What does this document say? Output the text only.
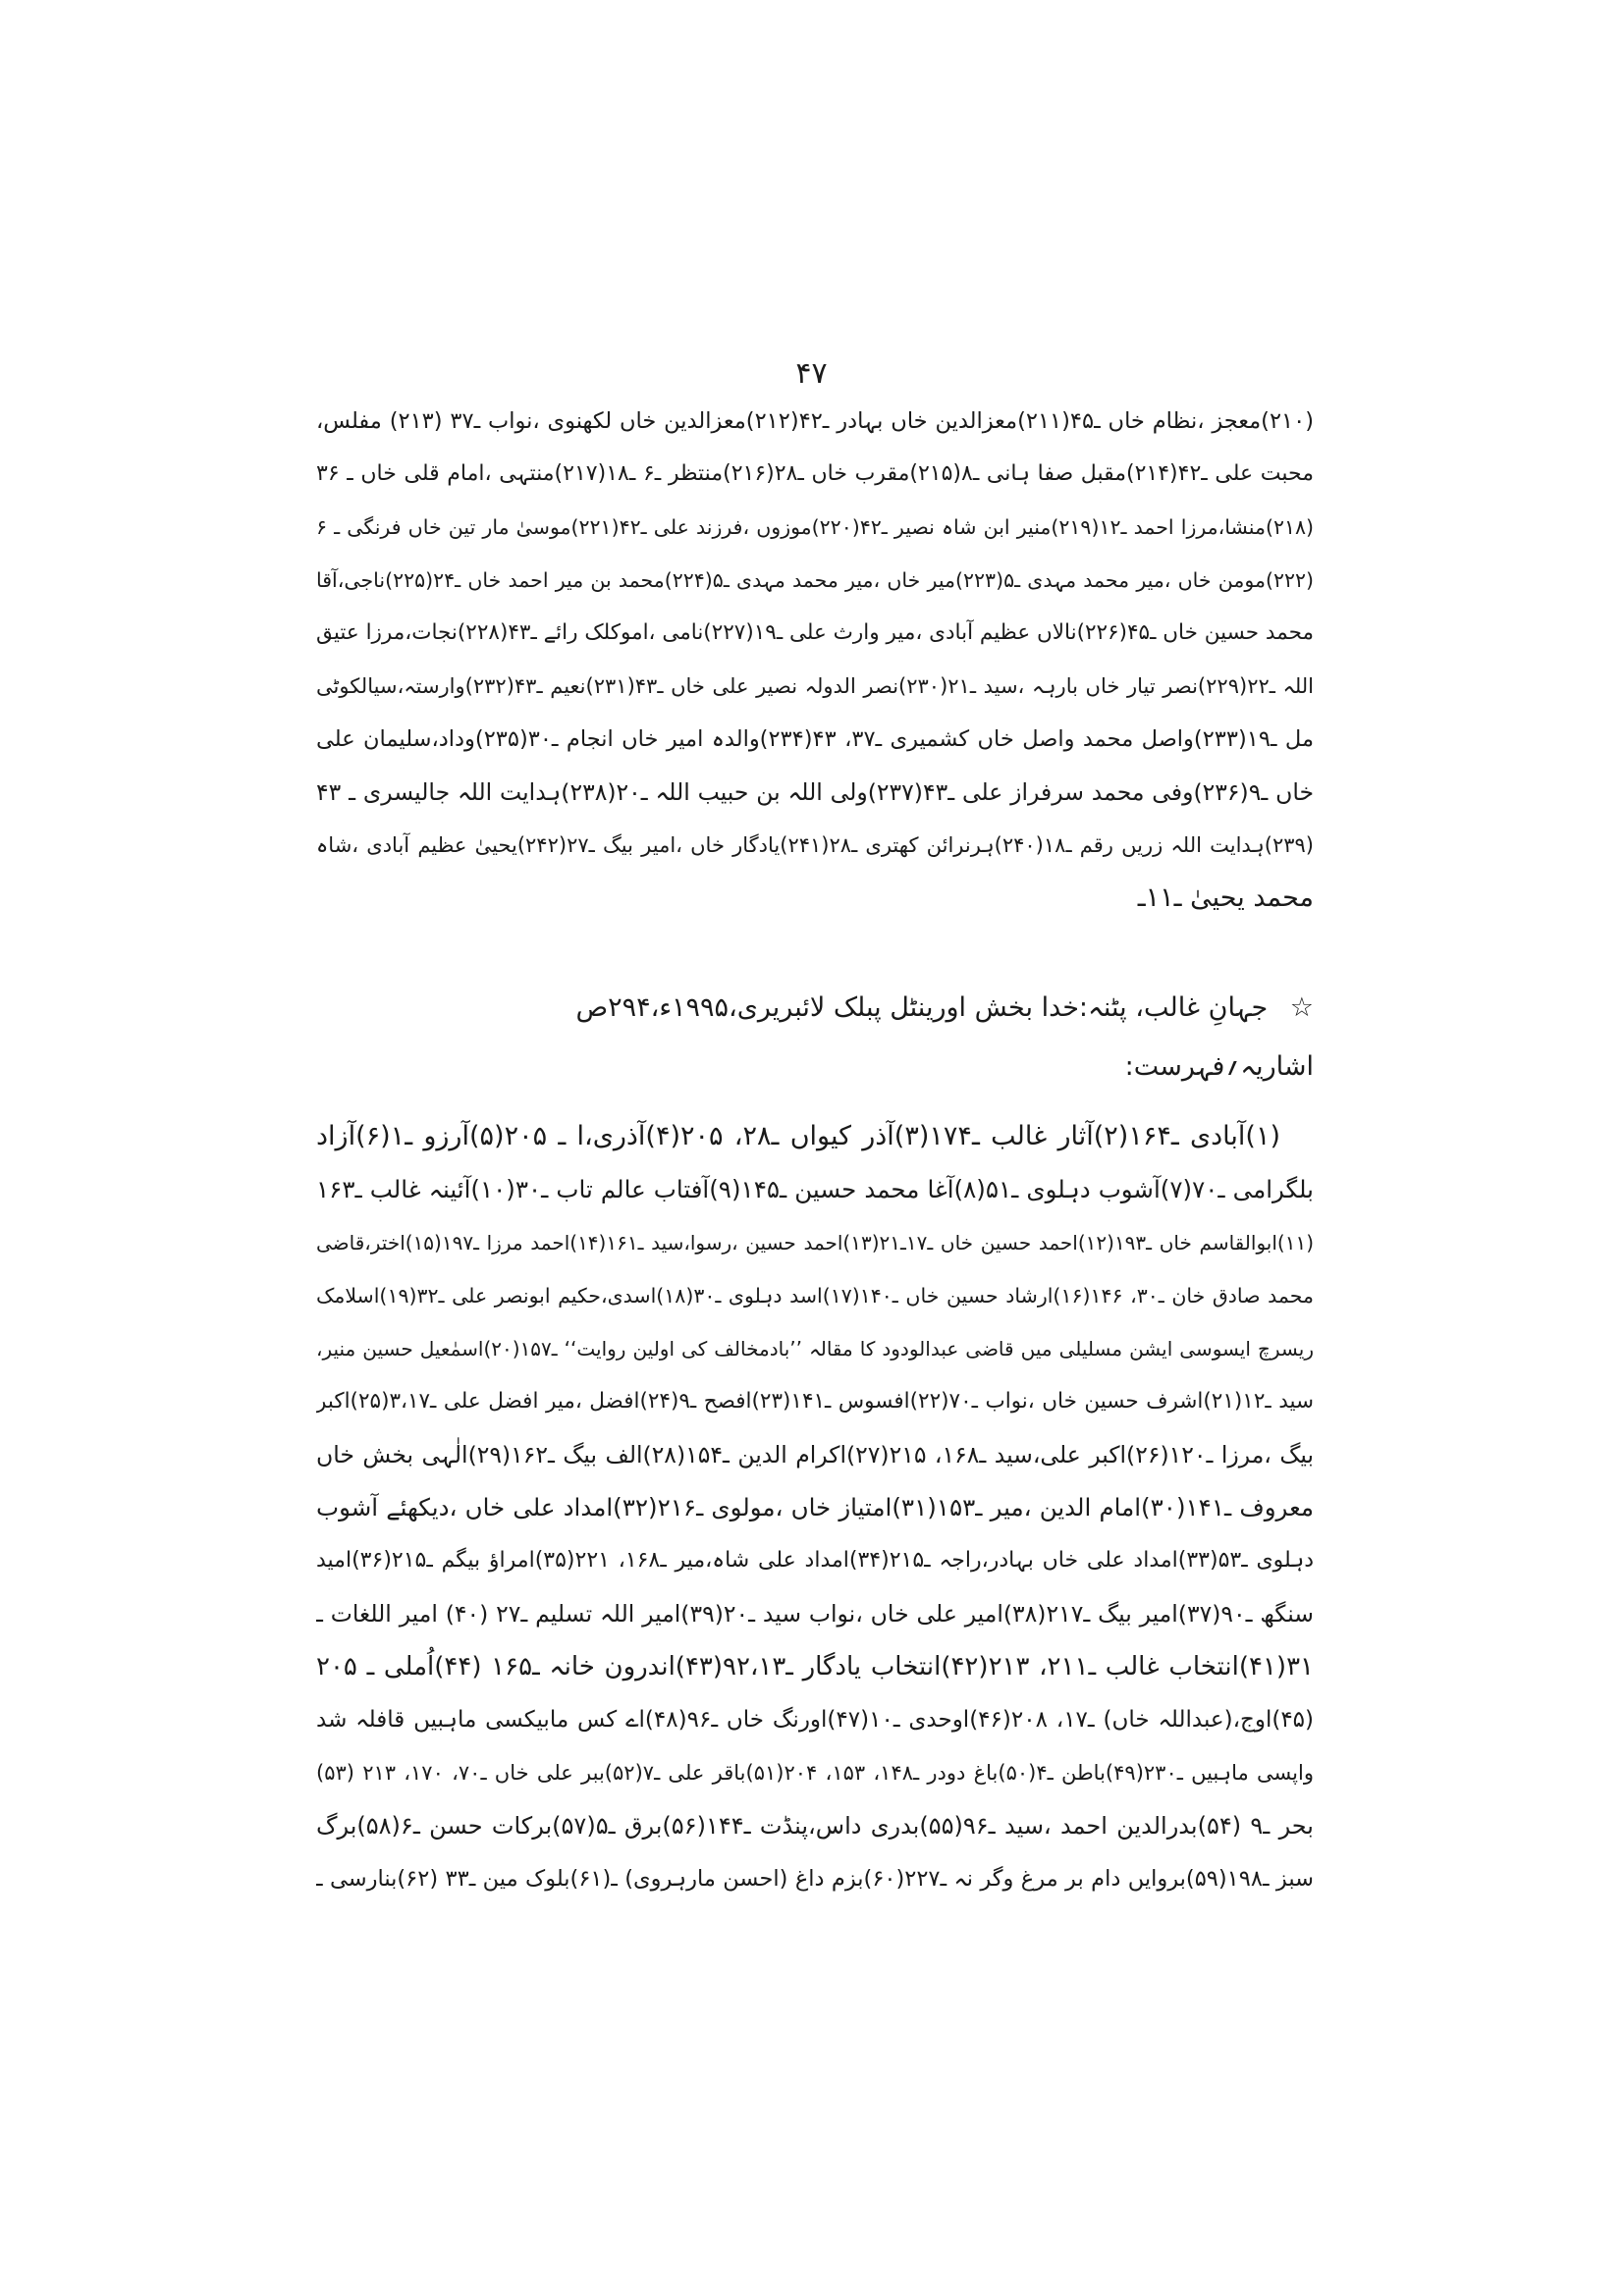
۴۷
(۲۱۰)معجز ،نظام خاں ـ۴۵(۲۱۱)معزالدین خاں بہادر ـ۴۲(۲۱۲)معزالدین خاں لکھنوی ،نواب ـ۳۷ (۲۱۳) مفلس،
محبت علی ـ۴۲(۲۱۴)مقبل صفا ہانی ـ۸(۲۱۵)مقرب خاں ـ۲۸(۲۱۶)منتظر ـ۶ ـ۱۸(۲۱۷)منتہی ،امام قلی خاں ـ ۳۶
(۲۱۸)منشا،مرزا احمد ـ۱۲(۲۱۹)منیر ابن شاہ نصیر ـ۴۲(۲۲۰)موزوں ،فرزند علی ـ۴۲(۲۲۱)موسیٰ مار تین خاں فرنگی ـ ۶
(۲۲۲)مومن خاں ،میر محمد مہدی ـ۵(۲۲۳)میر خاں ،میر محمد مہدی ـ۵(۲۲۴)محمد بن میر احمد خاں ـ۲۴(۲۲۵)ناجی،آقا
محمد حسین خاں ـ۴۵(۲۲۶)نالاں عظیم آبادی ،میر وارث علی ـ۱۹(۲۲۷)نامی ،اموکلک رائے ـ۴۳(۲۲۸)نجات،مرزا عتیق
اللہ ـ۲۲(۲۲۹)نصر تیار خاں بارہہ ،سید ـ۲۱(۲۳۰)نصر الدولہ نصیر علی خاں ـ۴۳(۲۳۱)نعیم ـ۴۳(۲۳۲)وارستہ،سیالکوٹی
مل ـ۱۹(۲۳۳)واصل محمد واصل خاں کشمیری ـ۳۷، ۴۳(۲۳۴)والدہ امیر خاں انجام ـ۳۰(۲۳۵)وداد،سلیمان علی
خاں ـ۹(۲۳۶)وفی محمد سرفراز علی ـ۴۳(۲۳۷)ولی اللہ بن حبیب اللہ ـ۲۰(۲۳۸)ہدایت اللہ جالیسری ـ ۴۳
(۲۳۹)ہدایت اللہ زریں رقم ـ۱۸(۲۴۰)ہرنرائن کھتری ـ۲۸(۲۴۱)یادگار خاں ،امیر بیگ ـ۲۷(۲۴۲)یحییٰ عظیم آبادی ،شاہ
محمد یحییٰ ـ۱۱ـ
☆ جہانِ غالب، پٹنہ:خدا بخش اورینٹل پبلک لائبریری،۱۹۹۵ء،۲۹۴ص
اشاریہ؍فہرست:
(۱)آبادی ـ۱۶۴(۲)آثار غالب ـ۱۷۴(۳)آذر کیواں ـ۲۸، ۲۰۵(۴)آذری،ا ـ ۲۰۵(۵)آرزو ـ۱(۶)آزاد
بلگرامی ـ۷۰(۷)آشوب دہلوی ـ۵۱(۸)آغا محمد حسین ـ۱۴۵(۹)آفتاب عالم تاب ـ۳۰(۱۰)آئینہ غالب ـ۱۶۳
(۱۱)ابوالقاسم خاں ـ۱۹۳(۱۲)احمد حسین خاں ـ۱۷ـ۲۱(۱۳)احمد حسین ،رسوا،سید ـ۱۶۱(۱۴)احمد مرزا ـ۱۹۷(۱۵)اختر،قاضی
محمد صادق خان ـ۳۰، ۱۴۶(۱۶)ارشاد حسین خاں ـ۱۴۰(۱۷)اسد دہلوی ـ۳۰(۱۸)اسدی،حکیم ابونصر علی ـ۳۲(۱۹)اسلامک
ریسرچ ایسوسی ایشن مسلیلی میں قاضی عبدالودود کا مقالہ ’’بادمخالف کی اولین روایت‘‘ ـ۱۵۷(۲۰)اسمٰعیل حسین منیر،
سید ـ۱۲(۲۱)اشرف حسین خاں ،نواب ـ۷۰(۲۲)افسوس ـ۱۴۱(۲۳)افصح ـ۹(۲۴)افضل ،میر افضل علی ـ۳،۱۷(۲۵)اکبر
بیگ ،مرزا ـ۱۲۰(۲۶)اکبر علی،سید ـ۱۶۸، ۲۱۵(۲۷)اکرام الدین ـ۱۵۴(۲۸)الف بیگ ـ۱۶۲(۲۹)الٰہی بخش خاں
معروف ـ۱۴۱(۳۰)امام الدین ،میر ـ۱۵۳(۳۱)امتیاز خاں ،مولوی ـ۲۱۶(۳۲)امداد علی خاں ،دیکھئے آشوب
دہلوی ـ۵۳(۳۳)امداد علی خاں بہادر،راجہ ـ۲۱۵(۳۴)امداد علی شاہ،میر ـ۱۶۸، ۲۲۱(۳۵)امراؤ بیگم ـ۲۱۵(۳۶)امید
سنگھ ـ۹۰(۳۷)امیر بیگ ـ۲۱۷(۳۸)امیر علی خاں ،نواب سید ـ۲۰(۳۹)امیر اللہ تسلیم ـ۲۷ (۴۰) امیر اللغات ـ
۳۱(۴۱)انتخاب غالب ـ۲۱۱، ۲۱۳(۴۲)انتخاب یادگار ـ۹۲،۱۳(۴۳)اندرون خانہ ـ۱۶۵ (۴۴)اُملی ـ ۲۰۵
(۴۵)اوج،(عبداللہ خاں) ـ۱۷، ۲۰۸(۴۶)اوحدی ـ۱۰(۴۷)اورنگ خاں ـ۹۶(۴۸)اے کس مابیکسی ماہبیں قافلہ شد
واپسی ماہبیں ـ۲۳۰(۴۹)باطن ـ۴(۵۰)باغ دودر ـ۱۴۸، ۱۵۳، ۲۰۴(۵۱)باقر علی ـ۷(۵۲)ببر علی خاں ـ۷۰، ۱۷۰، ۲۱۳ (۵۳)
بحر ـ۹ (۵۴)بدرالدین احمد ،سید ـ۹۶(۵۵)بدری داس،پنڈت ـ۱۴۴(۵۶)برق ـ۵(۵۷)برکات حسن ـ۶(۵۸)برگ
سبز ـ۱۹۸(۵۹)بروایں دام بر مرغ وگر نہ ـ۲۲۷(۶۰)بزم داغ (احسن مارہروی) ـ(۶۱)بلوک مین ـ۳۳ (۶۲)بنارسی ـ
